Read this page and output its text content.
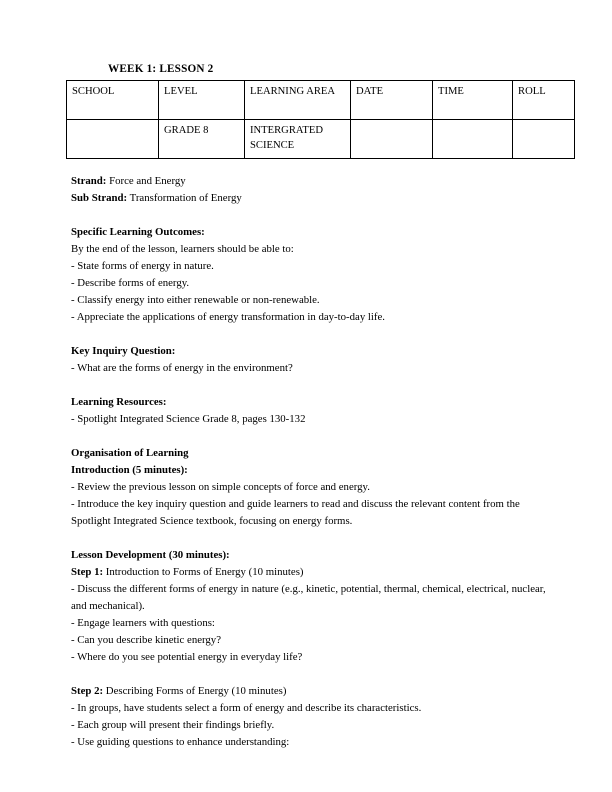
WEEK 1: LESSON 2
SCHOOL	LEVEL	LEARNING AREA	DATE	TIME	ROLL
	GRADE 8	INTERGRATED SCIENCE			
Strand: Force and Energy
Sub Strand: Transformation of Energy
Specific Learning Outcomes:
By the end of the lesson, learners should be able to:
- State forms of energy in nature.
- Describe forms of energy.
- Classify energy into either renewable or non-renewable.
- Appreciate the applications of energy transformation in day-to-day life.
Key Inquiry Question:
- What are the forms of energy in the environment?
Learning Resources:
- Spotlight Integrated Science Grade 8, pages 130-132
Organisation of Learning
Introduction (5 minutes):
- Review the previous lesson on simple concepts of force and energy.
- Introduce the key inquiry question and guide learners to read and discuss the relevant content from the Spotlight Integrated Science textbook, focusing on energy forms.
Lesson Development (30 minutes):
Step 1: Introduction to Forms of Energy (10 minutes)
- Discuss the different forms of energy in nature (e.g., kinetic, potential, thermal, chemical, electrical, nuclear, and mechanical).
- Engage learners with questions:
- Can you describe kinetic energy?
- Where do you see potential energy in everyday life?
Step 2: Describing Forms of Energy (10 minutes)
- In groups, have students select a form of energy and describe its characteristics.
- Each group will present their findings briefly.
- Use guiding questions to enhance understanding:
